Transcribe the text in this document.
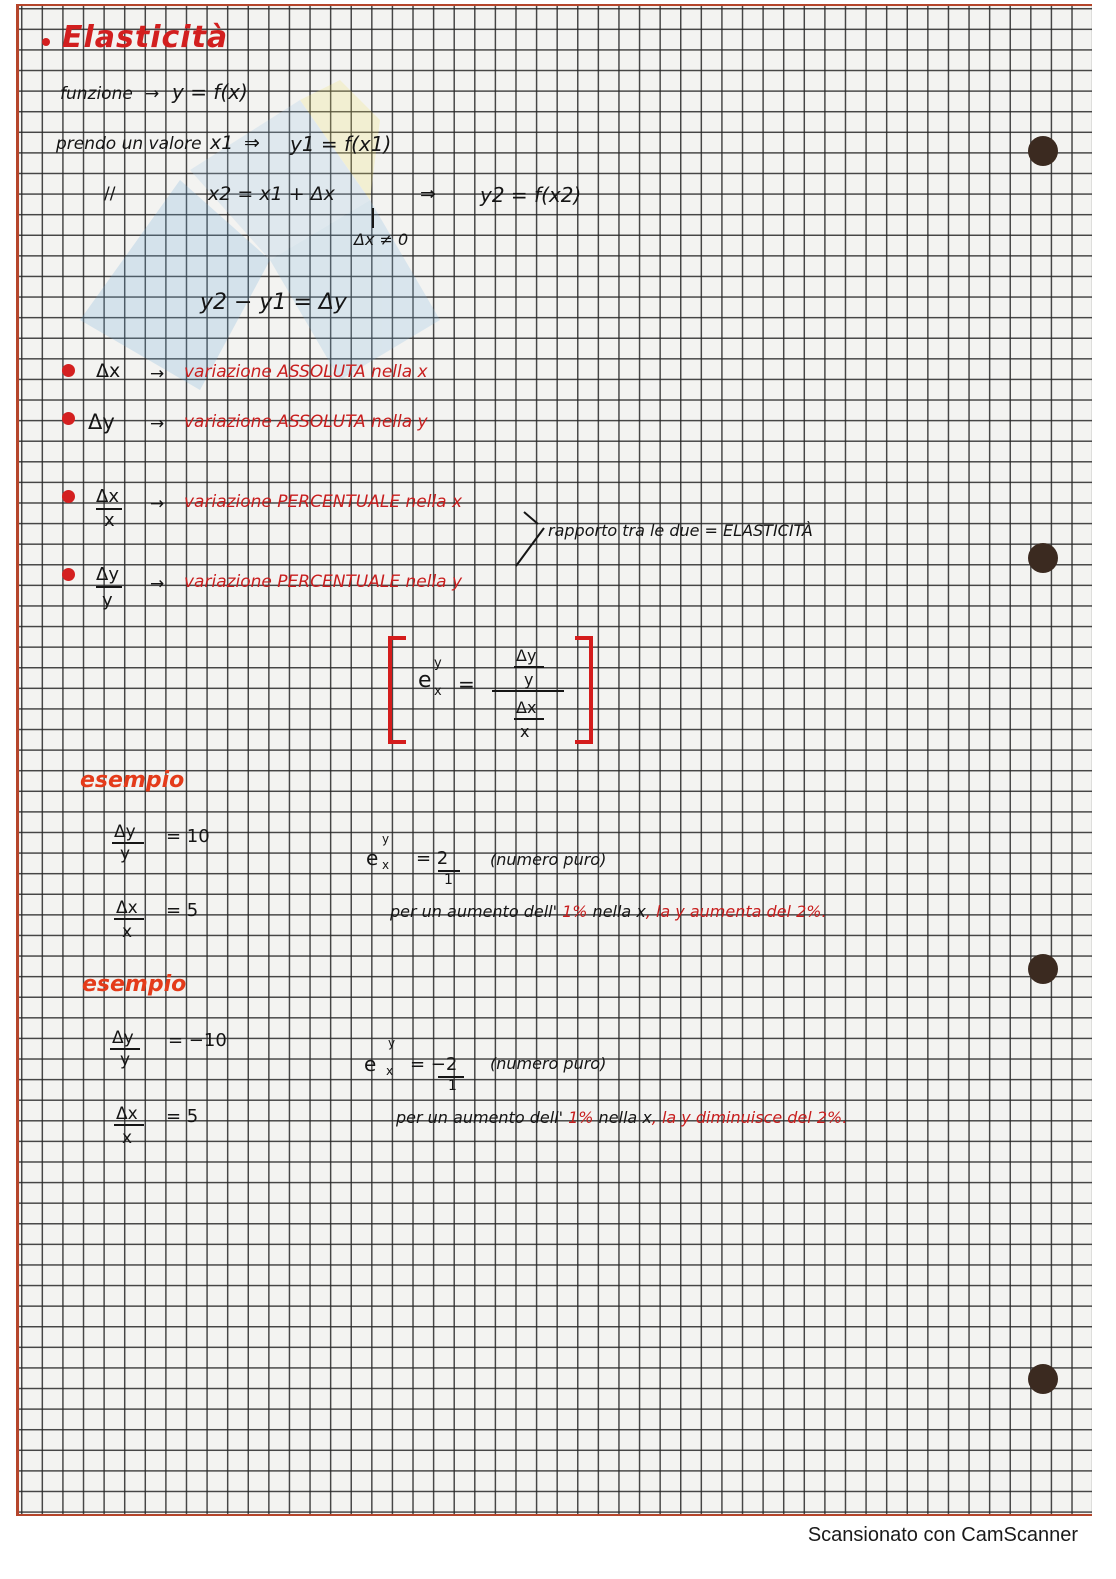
Elasticità
funzione → y = f(x)
prendo un valore x1 ⇒ y1 = f(x1)
//	x2 = x1 + Δx	⇒ y2 = f(x2)
Δx ≠ 0
y2 − y1 = Δy
Δx → variazione ASSOLUTA nella x
Δy → variazione ASSOLUTA nella y
Δx
x
→ variazione PERCENTUALE nella x
Δy
y
→ variazione PERCENTUALE nella y
rapporto tra le due = ELASTICITÀ
e
y
x =
Δy
y
Δx
x
esempio
Δy
y
= 10
Δx
x
= 5
e
y
x = 2
1
(numero puro)
per un aumento dell' 1% nella x, la y aumenta del 2%.
esempio
Δy
y
= −10
Δx
x
= 5
e
y
x = −2
1
(numero puro)
per un aumento dell' 1% nella x, la y diminuisce del 2%.
Scansionato con CamScanner
